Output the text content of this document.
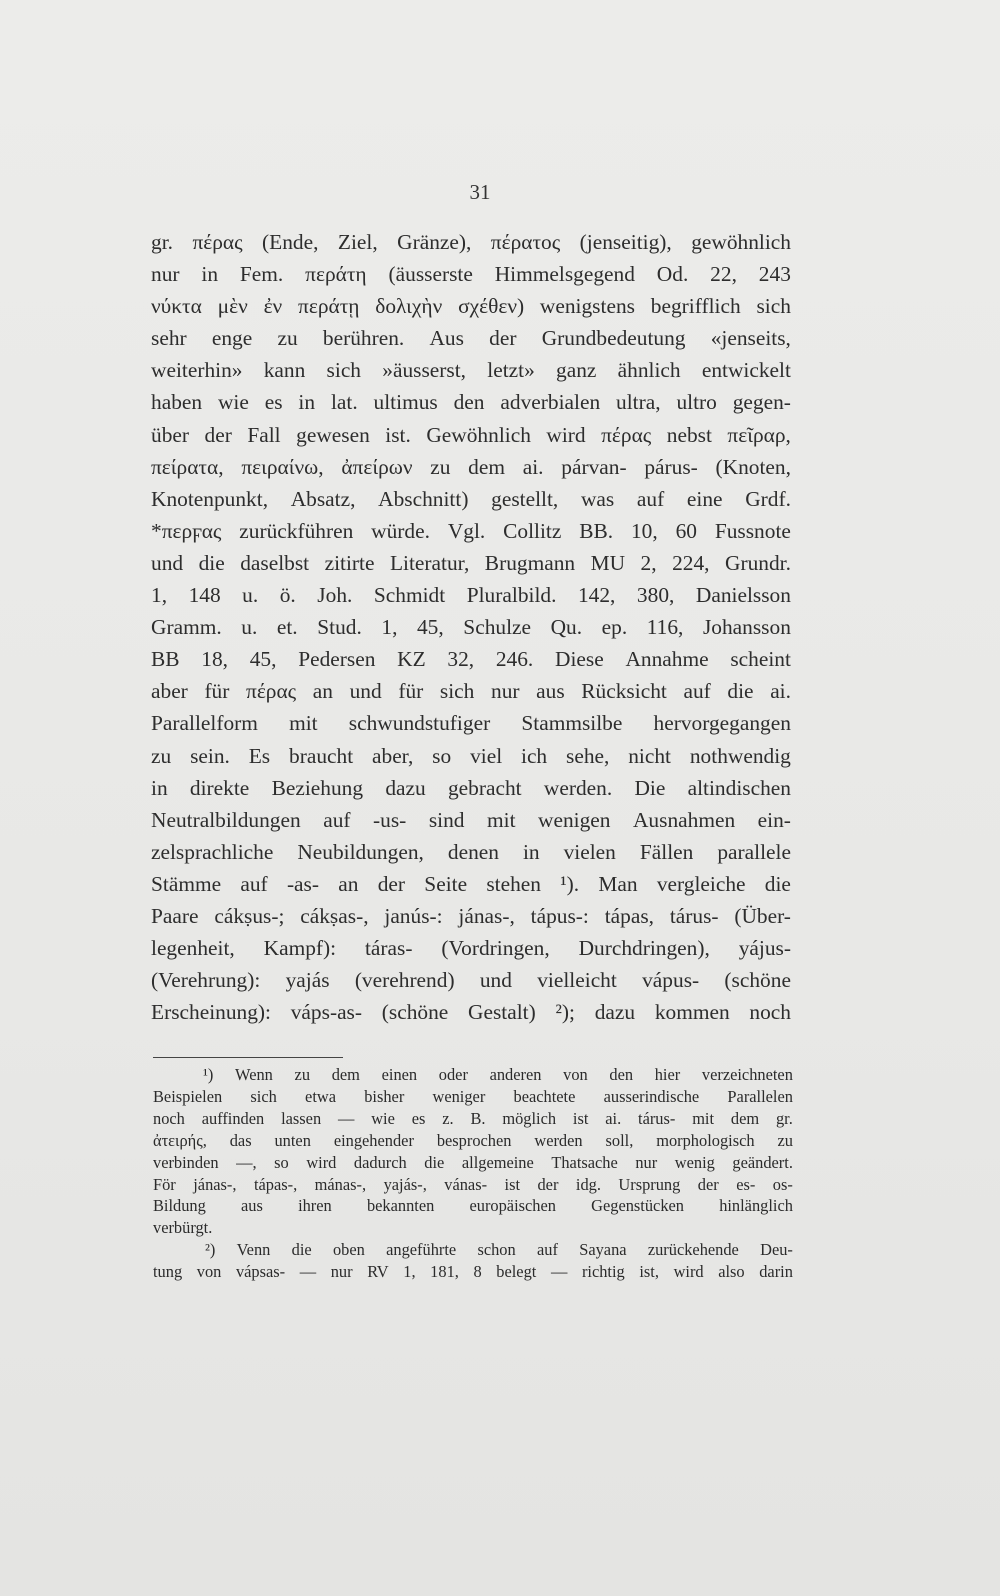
31
gr. πέρας (Ende, Ziel, Gränze), πέρατος (jenseitig), gewöhnlich
nur in Fem. περάτη (äusserste Himmelsgegend Od. 22, 243
νύκτα μὲν ἐν περάτῃ δολιχὴν σχέθεν) wenigstens begrifflich sich
sehr enge zu berühren. Aus der Grundbedeutung «jenseits,
weiterhin» kann sich »äusserst, letzt» ganz ähnlich entwickelt
haben wie es in lat. ultimus den adverbialen ultra, ultro gegen-
über der Fall gewesen ist. Gewöhnlich wird πέρας nebst πεῖραρ,
πείρατα, πειραίνω, ἀπείρων zu dem ai. párvan- párus- (Knoten,
Knotenpunkt, Absatz, Abschnitt) gestellt, was auf eine Grdf.
*περϝας zurückführen würde. Vgl. Collitz BB. 10, 60 Fussnote
und die daselbst zitirte Literatur, Brugmann MU 2, 224, Grundr.
1, 148 u. ö. Joh. Schmidt Pluralbild. 142, 380, Danielsson
Gramm. u. et. Stud. 1, 45, Schulze Qu. ep. 116, Johansson
BB 18, 45, Pedersen KZ 32, 246. Diese Annahme scheint
aber für πέρας an und für sich nur aus Rücksicht auf die ai.
Parallelform mit schwundstufiger Stammsilbe hervorgegangen
zu sein. Es braucht aber, so viel ich sehe, nicht nothwendig
in direkte Beziehung dazu gebracht werden. Die altindischen
Neutralbildungen auf -us- sind mit wenigen Ausnahmen ein-
zelsprachliche Neubildungen, denen in vielen Fällen parallele
Stämme auf -as- an der Seite stehen ¹). Man vergleiche die
Paare cákṣus-; cákṣas-, janús-: jánas-, tápus-: tápas, tárus- (Über-
legenheit, Kampf): táras- (Vordringen, Durchdringen), yájus-
(Verehrung): yajás (verehrend) und vielleicht vápus- (schöne
Erscheinung): váps-as- (schöne Gestalt) ²); dazu kommen noch
¹) Wenn zu dem einen oder anderen von den hier verzeichneten
Beispielen sich etwa bisher weniger beachtete ausserindische Parallelen
noch auffinden lassen — wie es z. B. möglich ist ai. tárus- mit dem gr.
ἀτειρής, das unten eingehender besprochen werden soll, morphologisch zu
verbinden —, so wird dadurch die allgemeine Thatsache nur wenig geändert.
För jánas-, tápas-, mánas-, yajás-, vánas- ist der idg. Ursprung der es- os-
Bildung aus ihren bekannten europäischen Gegenstücken hinlänglich
verbürgt.
²) Venn die oben angeführte schon auf Sayana zurückehende Deu-
tung von vápsas- — nur RV 1, 181, 8 belegt — richtig ist, wird also darin
